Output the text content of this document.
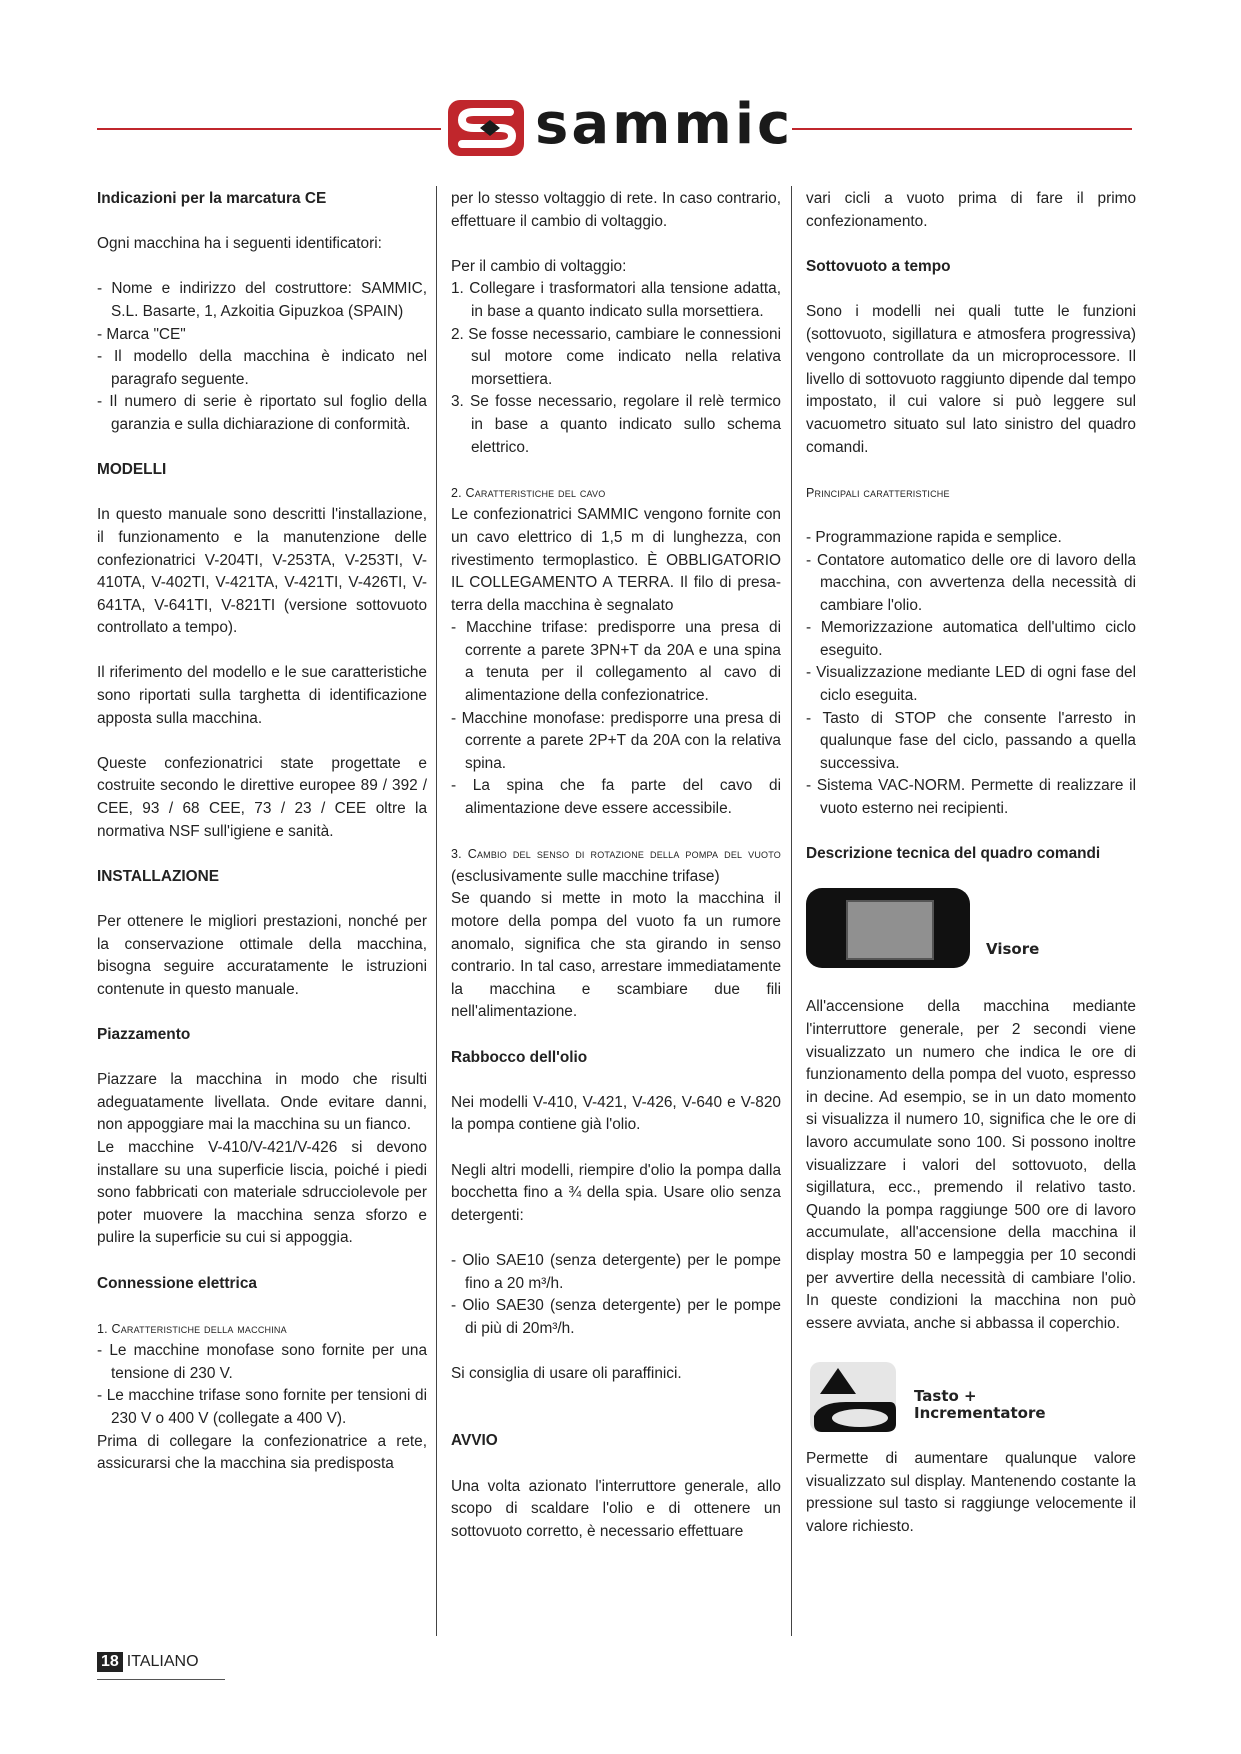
sammic
Indicazioni per la marcatura CE

Ogni macchina ha i seguenti identificatori:

- Nome e indirizzo del costruttore: SAMMIC, S.L. Basarte, 1, Azkoitia Gipuzkoa (SPAIN)
- Marca "CE"
- Il modello della macchina è indicato nel paragrafo seguente.
- Il numero di serie è riportato sul foglio della garanzia e sulla dichiarazione di conformità.
MODELLI

In questo manuale sono descritti l'installazione, il funzionamento e la manutenzione delle confezionatrici V-204TI, V-253TA, V-253TI, V-410TA, V-402TI, V-421TA, V-421TI, V-426TI, V-641TA, V-641TI, V-821TI (versione sottovuoto controllato a tempo).

Il riferimento del modello e le sue caratteristiche sono riportati sulla targhetta di identificazione apposta sulla macchina.

Queste confezionatrici state progettate e costruite secondo le direttive europee 89 / 392 / CEE, 93 / 68 CEE, 73 / 23 / CEE oltre la normativa NSF sull'igiene e sanità.

INSTALLAZIONE

Per ottenere le migliori prestazioni, nonché per la conservazione ottimale della macchina, bisogna seguire accuratamente le istruzioni contenute in questo manuale.

Piazzamento

Piazzare la macchina in modo che risulti adeguatamente livellata. Onde evitare danni, non appoggiare mai la macchina su un fianco.

Le macchine V-410/V-421/V-426 si devono installare su una superficie liscia, poiché i piedi sono fabbricati con materiale sdrucciolevole per poter muovere la macchina senza sforzo e pulire la superficie su cui si appoggia.

Connessione elettrica
1. Caratteristiche della macchina
- Le macchine monofase sono fornite per una tensione di 230 V.
- Le macchine trifase sono fornite per tensioni di 230 V o 400 V (collegate a 400 V).

Prima di collegare la confezionatrice a rete, assicurarsi che la macchina sia predisposta

per lo stesso voltaggio di rete. In caso contrario, effettuare il cambio di voltaggio.

Per il cambio di voltaggio:

1. Collegare i trasformatori alla tensione adatta, in base a quanto indicato sulla morsettiera.
2. Se fosse necessario, cambiare le connessioni sul motore come indicato nella relativa morsettiera.
3. Se fosse necessario, regolare il relè termico in base a quanto indicato sullo schema elettrico.
2. Caratteristiche del cavo

Le confezionatrici SAMMIC vengono fornite con un cavo elettrico di 1,5 m di lunghezza, con rivestimento termoplastico. È OBBLIGATORIO IL COLLEGAMENTO A TERRA. Il filo di presa-terra della macchina è segnalato

- Macchine trifase: predisporre una presa di corrente a parete 3PN+T da 20A e una spina a tenuta per il collegamento al cavo di alimentazione della confezionatrice.
- Macchine monofase: predisporre una presa di corrente a parete 2P+T da 20A con la relativa spina.
- La spina che fa parte del cavo di alimentazione deve essere accessibile.
3. Cambio del senso di rotazione della pompa del vuoto (esclusivamente sulle macchine trifase)

Se quando si mette in moto la macchina il motore della pompa del vuoto fa un rumore anomalo, significa che sta girando in senso contrario. In tal caso, arrestare immediatamente la macchina e scambiare due fili nell'alimentazione.

Rabbocco dell'olio

Nei modelli V-410, V-421, V-426, V-640 e V-820 la pompa contiene già l'olio.

Negli altri modelli, riempire d'olio la pompa dalla bocchetta fino a ¾ della spia. Usare olio senza detergenti:

- Olio SAE10 (senza detergente) per le pompe fino a 20 m³/h.
- Olio SAE30 (senza detergente) per le pompe di più di 20m³/h.

Si consiglia di usare oli paraffinici.

AVVIO

Una volta azionato l'interruttore generale, allo scopo di scaldare l'olio e di ottenere un sottovuoto corretto, è necessario effettuare

vari cicli a vuoto prima di fare il primo confezionamento.

Sottovuoto a tempo

Sono i modelli nei quali tutte le funzioni (sottovuoto, sigillatura e atmosfera progressiva) vengono controllate da un microprocessore. Il livello di sottovuoto raggiunto dipende dal tempo impostato, il cui valore si può leggere sul vacuometro situato sul lato sinistro del quadro comandi.

Principali caratteristiche
- Programmazione rapida e semplice.
- Contatore automatico delle ore di lavoro della macchina, con avvertenza della necessità di cambiare l'olio.
- Memorizzazione automatica dell'ultimo ciclo eseguito.
- Visualizzazione mediante LED di ogni fase del ciclo eseguita.
- Tasto di STOP che consente l'arresto in qualunque fase del ciclo, passando a quella successiva.
- Sistema VAC-NORM. Permette di realizzare il vuoto esterno nei recipienti.
Descrizione tecnica del quadro comandi
Visore

All'accensione della macchina mediante l'interruttore generale, per 2 secondi viene visualizzato un numero che indica le ore di funzionamento della pompa del vuoto, espresso in decine. Ad esempio, se in un dato momento si visualizza il numero 10, significa che le ore di lavoro accumulate sono 100. Si possono inoltre visualizzare i valori del sottovuoto, della sigillatura, ecc., premendo il relativo tasto. Quando la pompa raggiunge 500 ore di lavoro accumulate, all'accensione della macchina il display mostra 50 e lampeggia per 10 secondi per avvertire della necessità di cambiare l'olio. In queste condizioni la macchina non può essere avviata, anche si abbassa il coperchio.

Tasto +
Incrementatore

Permette di aumentare qualunque valore visualizzato sul display. Mantenendo costante la pressione sul tasto si raggiunge velocemente il valore richiesto.

18 ITALIANO
